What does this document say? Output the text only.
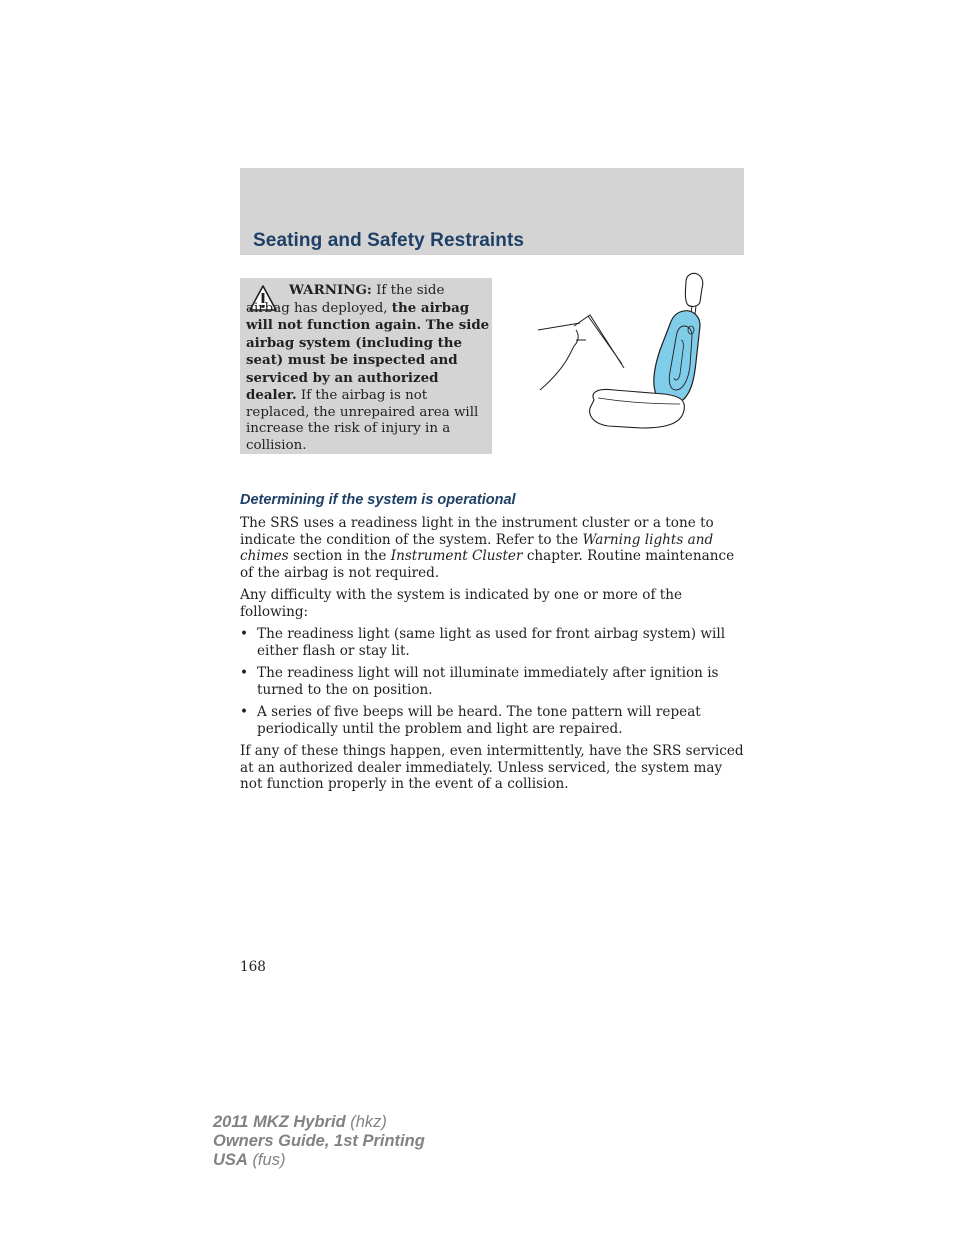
Seating and Safety Restraints
WARNING: If the side airbag has deployed, the airbag will not function again. The side airbag system (including the seat) must be inspected and serviced by an authorized dealer. If the airbag is not replaced, the unrepaired area will increase the risk of injury in a collision.
Determining if the system is operational

The SRS uses a readiness light in the instrument cluster or a tone to indicate the condition of the system. Refer to the Warning lights and chimes section in the Instrument Cluster chapter. Routine maintenance of the airbag is not required.

Any difficulty with the system is indicated by one or more of the following:

• The readiness light (same light as used for front airbag system) will either flash or stay lit.
• The readiness light will not illuminate immediately after ignition is turned to the on position.
• A series of five beeps will be heard. The tone pattern will repeat periodically until the problem and light are repaired.

If any of these things happen, even intermittently, have the SRS serviced at an authorized dealer immediately. Unless serviced, the system may not function properly in the event of a collision.

168
2011 MKZ Hybrid (hkz)
Owners Guide, 1st Printing
USA (fus)
